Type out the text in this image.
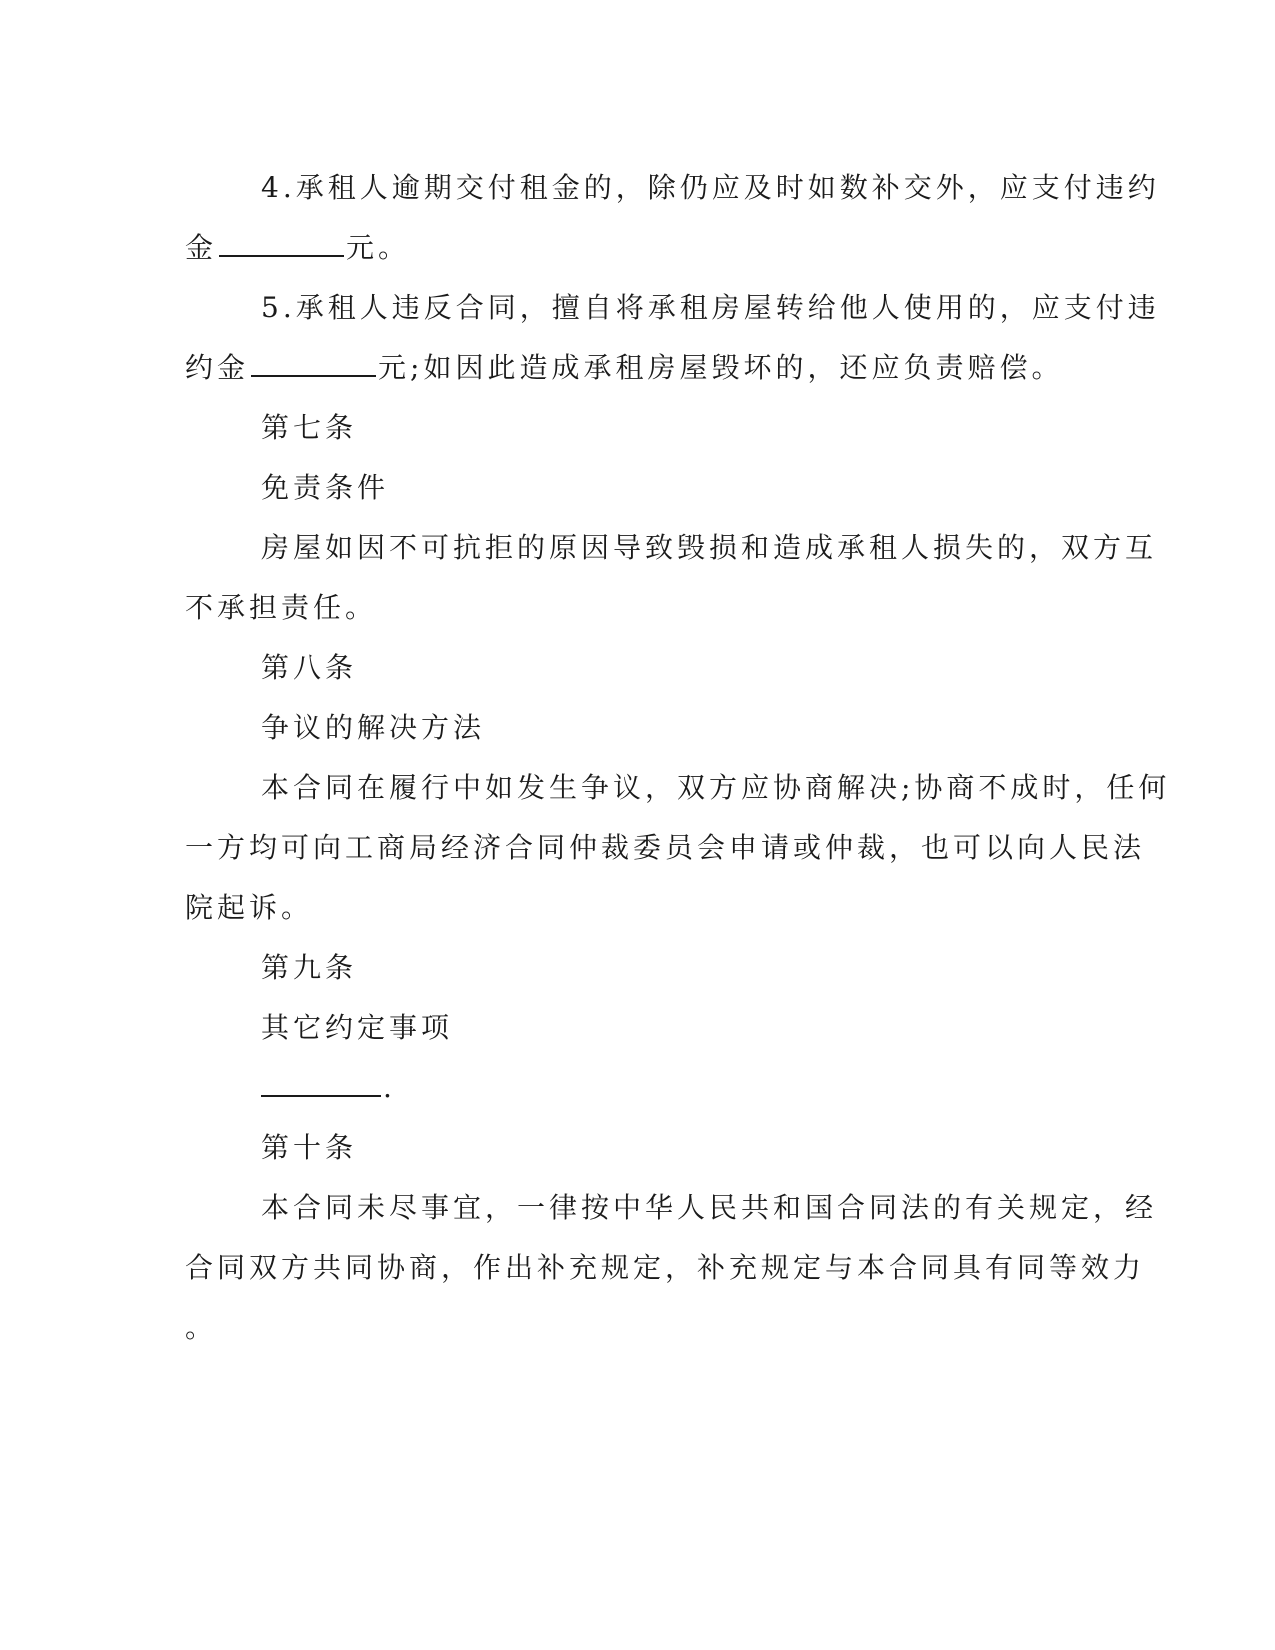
4.承租人逾期交付租金的，除仍应及时如数补交外，应支付违约
金	元。
5.承租人违反合同，擅自将承租房屋转给他人使用的，应支付违
约金	元;如因此造成承租房屋毁坏的，还应负责赔偿。
第七条
免责条件
房屋如因不可抗拒的原因导致毁损和造成承租人损失的，双方互
不承担责任。
第八条
争议的解决方法
本合同在履行中如发生争议，双方应协商解决;协商不成时，任何
一方均可向工商局经济合同仲裁委员会申请或仲裁，也可以向人民法
院起诉。
第九条
其它约定事项
.
第十条
本合同未尽事宜，一律按中华人民共和国合同法的有关规定，经
合同双方共同协商，作出补充规定，补充规定与本合同具有同等效力
。
